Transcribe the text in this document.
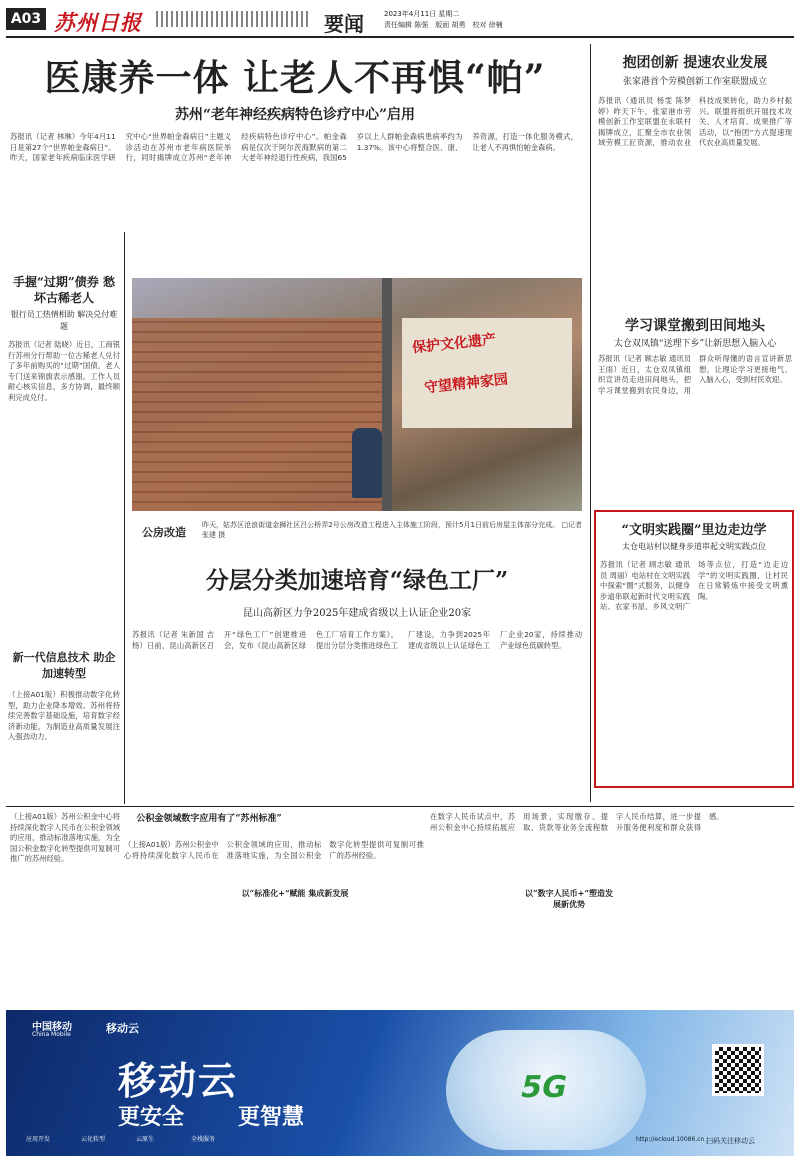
A03 苏州日报	要闻	2023年4月11日 星期二
责任编辑 陈强　版面 胡勇　校对 徐楠
医康养一体 让老人不再惧“帕”
苏州“老年神经疾病特色诊疗中心”启用
苏报讯（记者 林琳）今年4月11日是第27个“世界帕金森病日”。昨天，国家老年疾病临床医学研究中心“世界帕金森病日”主题义诊活动在苏州市老年病医院举行，同时揭牌成立苏州“老年神经疾病特色诊疗中心”。帕金森病是仅次于阿尔茨海默病的第二大老年神经退行性疾病，我国65岁以上人群帕金森病患病率约为1.37%。该中心将整合医、康、养资源，打造一体化服务模式，让老人不再惧怕帕金森病。
抱团创新 提速农业发展
张家港首个劳模创新工作室联盟成立
苏报讯（通讯员 杨雯 陈梦婷）昨天下午，张家港市劳模创新工作室联盟在永联村揭牌成立，汇聚全市农业领域劳模工匠资源，推动农业科技成果转化，助力乡村振兴。联盟将组织开展技术攻关、人才培育、成果推广等活动，以“抱团”方式提速现代农业高质量发展。
学习课堂搬到田间地头
太仓双凤镇“送理下乡”让新思想入脑入心
苏报讯（记者 顾志敏 通讯员 王雨）近日，太仓双凤镇组织宣讲员走进田间地头，把学习课堂搬到农民身边，用群众听得懂的语言宣讲新思想，让理论学习更接地气、入脑入心，受到村民欢迎。
“文明实践圈”里边走边学
太仓电站村以健身步道串起文明实践点位
苏报讯（记者 顾志敏 通讯员 周丽）电站村在文明实践中探索“圈”式服务，以健身步道串联起新时代文明实践站、农家书屋、乡风文明广场等点位，打造“边走边学”的文明实践圈，让村民在日常锻炼中接受文明熏陶。
手握“过期”债券 愁坏古稀老人
银行员工热情相助 解决兑付难题
苏报讯（记者 陆晓）近日，工商银行苏州分行帮助一位古稀老人兑付了多年前购买的“过期”国债，老人专门送来锦旗表示感谢。工作人员耐心核实信息，多方协调，最终顺利完成兑付。
新一代信息技术 助企加速转型
（上接A01版）积极推动数字化转型，助力企业降本增效。苏州将持续完善数字基础设施，培育数字经济新动能，为制造业高质量发展注入强劲动力。
保护文化遗产
守望精神家园
公房改造
昨天，姑苏区沧浪街道金狮社区吕公桥弄2号公房改造工程进入主体施工阶段，预计5月1日前后房屋主体部分完成。 □记者 张建 摄
分层分类加速培育“绿色工厂”
昆山高新区力争2025年建成省级以上认证企业20家
苏报讯（记者 朱新国 吉杨）日前，昆山高新区召开“绿色工厂”创建推进会，发布《昆山高新区绿色工厂培育工作方案》，提出分层分类推进绿色工厂建设，力争到2025年建成省级以上认证绿色工厂企业20家，持续推动产业绿色低碳转型。
公积金领域数字应用有了“苏州标准”
（上接A01版）苏州公积金中心将持续深化数字人民币在公积金领域的应用，推动标准落地实施，为全国公积金数字化转型提供可复制可推广的苏州经验。
以“标准化+”赋能 集成新发展
（上接A01版）苏州公积金中心将持续深化数字人民币在公积金领域的应用，推动标准落地实施，为全国公积金数字化转型提供可复制可推广的苏州经验。
以“数字人民币+”塑造发展新优势
在数字人民币试点中，苏州公积金中心持续拓展应用场景，实现缴存、提取、贷款等业务全流程数字人民币结算，进一步提升服务便利度和群众获得感。
中国移动
China Mobile	移动云
移动云
更安全 更智慧
5G
应用开发	云化转型	云原生	全栈服务	http://ecloud.10086.cn 扫码关注移动云
